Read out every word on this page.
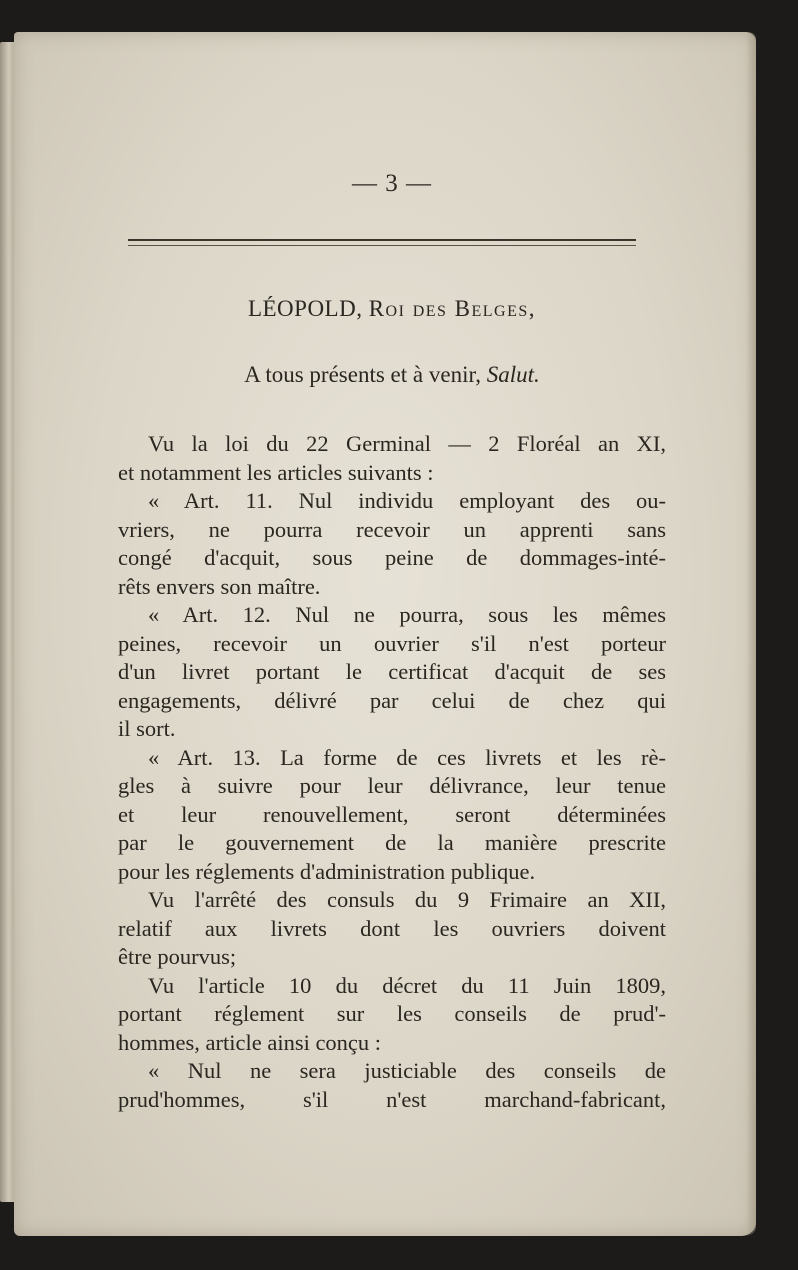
— 3 —
LÉOPOLD, Roi des Belges,
A tous présents et à venir, Salut.
Vu la loi du 22 Germinal — 2 Floréal an XI,
et notamment les articles suivants :
« Art. 11. Nul individu employant des ou-
vriers, ne pourra recevoir un apprenti sans
congé d'acquit, sous peine de dommages-inté-
rêts envers son maître.
« Art. 12. Nul ne pourra, sous les mêmes
peines, recevoir un ouvrier s'il n'est porteur
d'un livret portant le certificat d'acquit de ses
engagements, délivré par celui de chez qui
il sort.
« Art. 13. La forme de ces livrets et les rè-
gles à suivre pour leur délivrance, leur tenue
et leur renouvellement, seront déterminées
par le gouvernement de la manière prescrite
pour les réglements d'administration publique.
Vu l'arrêté des consuls du 9 Frimaire an XII,
relatif aux livrets dont les ouvriers doivent
être pourvus;
Vu l'article 10 du décret du 11 Juin 1809,
portant réglement sur les conseils de prud'-
hommes, article ainsi conçu :
« Nul ne sera justiciable des conseils de
prud'hommes, s'il n'est marchand-fabricant,
